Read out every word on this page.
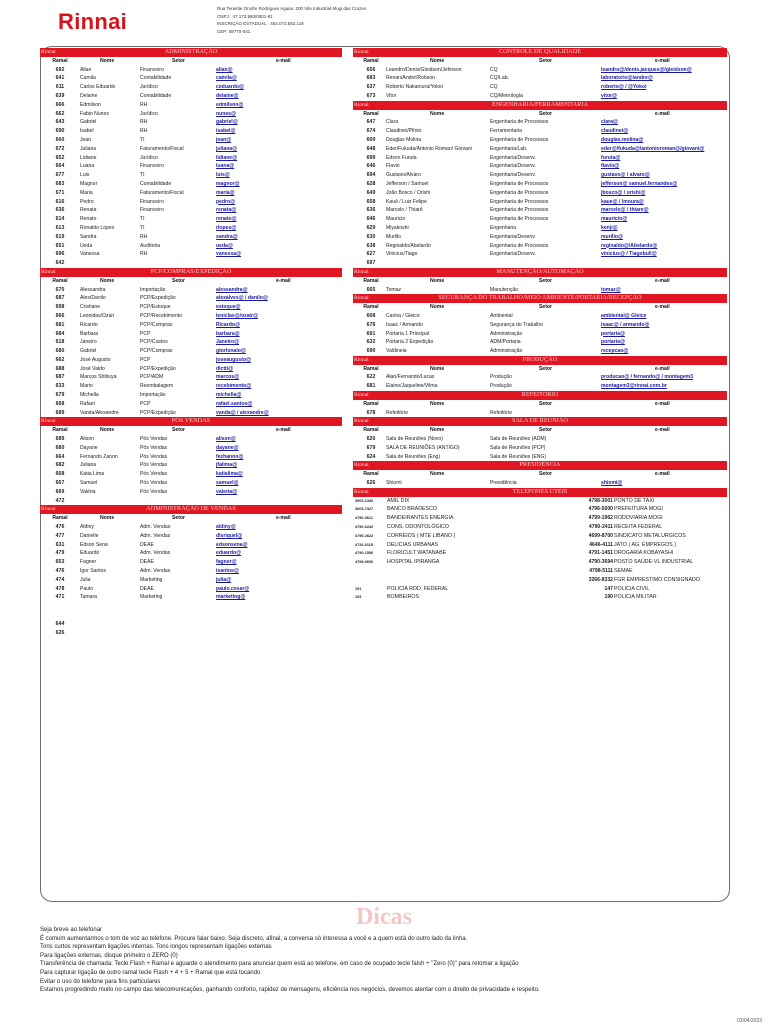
Rinnai
Rua Tenente Onofre Rodrigues Aguiar, 200 Vila Industrial Mogi das Cruzes
CNPJ : 47.173.950/0001-81
INSCRIÇÃO ESTADUAL : 454.072.582.116
CEP: 08770-041
Rinnai	ADMINISTRAÇÃO
Ramal	Nome	Setor	e-mail
692	Allan	Financeiro	allan@
641	Camila	Contabilidade	camila@
611	Carlos Eduardo	Jurídico	ceduardo@
639	Delaine	Contabilidade	delaine@
666	Edmilson	RH	edmilson@
662	Fabio Nunes	Jurídico	nunes@
643	Gabriel	RH	gabriel@
690	Isabel	RH	isabel@
660	Jean	TI	jean@
672	Juliana	Faturamento/Fiscal	juliana@
652	Lidiane	Jurídico	lidiane@
664	Luana	Financeiro	luana@
677	Luis	TI	luis@
683	Magnor	Contabilidade	magnor@
671	Maria	Faturamento/Fiscal	maria@
616	Pedro	Financeiro	pedro@
636	Renata	Financeiro	renata@
614	Renato	TI	renato@
613	Ronaldo Lopes	TI	rlopes@
619	Sandra	RH	sandra@
651	Ueda	Auditoria	ueda@
696	Vanessa	RH	vanessa@
642
Rinnai	PCP/COMPRAS/EXPEDIÇÃO
Ramal	Nome	Setor	e-mail
670	Alessandra	Importação	alessandra@
687	Alex/Danilo	PCP/Expedição	alexalves@ / danilo@
698	Cristiane	PCP/Estoque	estoque@
666	Leonidas/Ozair	PCP/Recebimento	leniclas@/ozair@
681	Ricardo	PCP/Compras	Ricardo@
684	Barbara	PCP	barbara@
618	Janeiro	PCP/Custos	Janeiro@
680	Gabriel	PCP/Compras	gtorlonalo@
662	José Augusto	PCP	joseaugusto@
688	José Valdo	PCP/Expedição	dlctti@
687	Marcos Shibuya	PCP/ADM	marcos@
633	Mario	Reembalagem	recebimento@
679	Michella	Importação	michella@
668	Rafael	PCP	rafael.santos@
689	Vanda/Alexandre	PCP/Expedição	vanda@ / alexandre@
Rinnai	PÓS VENDAS
Ramal	Nome	Setor	e-mail
689	Alison	Pós Vendas	alison@
680	Dayane	Pós Vendas	dayane@
664	Fernando Zanon	Pós Vendas	fezhanon@
682	Juliana	Pós Vendas	jfalima@
668	Katia Lima	Pós Vendas	katialima@
667	Samuel	Pós Vendas	samuel@
669	Valéria	Pós Vendas	valeria@
472
Rinnai	ADMINISTRAÇÃO DE VENDAS
Ramal	Nome	Setor	e-mail
476	Aldiny	Adm. Vendas	aldiny@
477	Danielle	Adm. Vendas	dlsriquel@
631	Edson Sena	DEAE	edsonsena@
479	Eduardo	Adm. Vendas	eduardo@
653	Fagner	DEAE	fagner@
476	Igor Santos	Adm. Vendas	isantos@
474	Julia	Marketing	julia@
478	Paulo	DEAE	paulo.cesar@
471	Tamara	Marketing	marketing@
644
626
Rinnai	CONTROLE DE QUALIDADE
Ramal	Nome	Setor	e-mail
656	Leandro/Denis/Gleidson/Jeferson	CQ	leandro@/denis.jacques@/gleidson@
683	Renan/André/Robson	CQ/Lab.	laboratorio@/andre@
637	Roberto Nakamura/Yokoi	CQ	roberto@ / @Yokoi
673	Vitor	CQ/Metrologia	vitor@
Rinnai	ENGENHARIA/FERRAMENTARIA
Ramal	Nome	Setor	e-mail
647	Clara	Engenharia de Processos	clara@
674	Claudinei/Plínio	Ferramentaria	claudinei@
609	Douglas Molina	Engenharia de Processos	douglas.molina@
648	Eder/Fukuda/Antonio Roman/ Giovani	Engenharia/Lab.	eder@/fukuda@/antonioroman@/giovani@
699	Edson Furuta	Engenharia/Desenv.	furuta@
646	Flavio	Engenharia/Desenv.	flavio@
694	Gustavo/Alvaro	Engenharia/Desenv.	gustavo@ / alvaro@
628	Jefferson / Samuel	Engenharia de Processos	jefferson@ samuel.fernandes@
649	João Bosco / Orishi	Engenharia de Processos	jbosco@ / orishi@
658	Kauê / Luiz Felipe	Engenharia de Processos	kaue@ / lmoura@
636	Marcelo / Thiarê	Engenharia de Processos	marcelo@ / thiare@
646	Mauricio	Engenharia de Processos	mauricio@
629	Miyakoshi	Engenharia	kenji@
630	Murillo	Engenharia/Desenv.	murillo@
638	Reginaldo/Abelardo	Engenharia de Processos	reginaldo@/Abelardo@
627	Vinicius/Tiago	Engenharia/Desenv.	vinicius@ / Tiagobull@
697
Rinnai	MANUTENÇÃO/AUTOMAÇÃO
Ramal	Nome	Setor	e-mail
665	Tomaz	Manutenção	tomaz@
Rinnai	SEGURANÇA DO TRABALHO/MEIO AMBIENTE/PORTARIA/RECEPÇÃO
Ramal	Nome	Setor	e-mail
608	Carina / Gleice	Ambiental	ambiental@ Gleice
676	Isaac / Armando	Segurança do Trabalho	isaac@ / armando@
691	Portaria 1 Principal	Administração	portaria@
632	Portaria 2 Expedição	ADM/Portaria	portaria@
690	Valdineia	Administração	recepcao@
Rinnai	PRODUÇÃO
Ramal	Nome	Setor	e-mail
622	Alan/Fernando/Lucas	Produção	producao@ / fernando@ / montagem3
681	Elaine/Jaqueline/Vilma	Produção	montagem3@rinnai.com.br
Rinnai	REFEITÓRIO
Ramal	Nome	Setor	e-mail
678	Refeitório	Refeitório
Rinnai	SALA DE REUNIÃO
Ramal	Nome	Setor	e-mail
620	Sala de Reuniões (Novo)	Sala de Reuniões (ADM)
679	SALA DE REUNIÕES (ANTIGO)	Sala de Reuniões (PCP)
624	Sala de Reuniões (Eng)	Sala de Reuniões (ENG)
Rinnai	PRESIDÊNCIA
Ramal	Nome	Setor	e-mail
626	Shiomi	Presidência	shiomi@
Rinnai	TELEFONES ÚTEIS
3003-1330	AMIL DIX	4798-3001 PONTO DE TAXI
3003-7327	BANCO BRADESCO	4796-5000 PREFEITURA MOGI
4790-3611	BANDEIRANTES ENERGIA	4799-1962 RODOVIARIA MOGI
4790-9242	CONS. ODONTOLÓGICO	4790-2411 RECEITA FEDERAL
4790-2622	CORREIOS ( MTE LIBANO )	4699-8700 SINDICATO METALURGICOS
4726-9115	DELICIAS URBANAS	4646-4111 JATO ( AG. EMPREGOS )
4790-1556	FLORICULT WATANABE	4791-1451 DROGARIA KOBAYASHI
4799-0600	HOSPITAL IPIRANGA	4790-3694 POSTO SAÚDE-VL INDUSTRIAL
4798-5111 SEMAE
3266-8332 FGR EMPRESTIMO CONSIGNADO
191	POLICIA ROD. FEDERAL	147 POLICIA CIVIL
193	BOMBEIROS	190 POLICIA MILITAR
Dicas
Seja breve ao telefonar
É comum aumentarmos o tom de voz ao telefone. Procure falar baixo. Seja discreto, afinal, a conversa só interessa a você e a quem está do outro lado da linha.
Tons curtos representam ligações internas. Tons longos representam ligações externas
Para ligações externas, disque primeiro o ZERO (0)
Transferência de chamada: Tecle Flash + Ramal e aguarde o atendimento para anunciar quem está ao telefone, em caso de ocupado tecle falsh + "Zero (0)" para retomar a ligação
Para capturar ligação de outro ramal tecle Flash + 4 + 5 + Ramal que está tocando
Evitar o uso do telefone para fins particulares
Estamos progredindo muito no campo das telecomunicações, ganhando conforto, rapidez de mensagens, eficiência nos negócios, devemos atentar com o direito de privacidade e respeito.
03/04/2023
